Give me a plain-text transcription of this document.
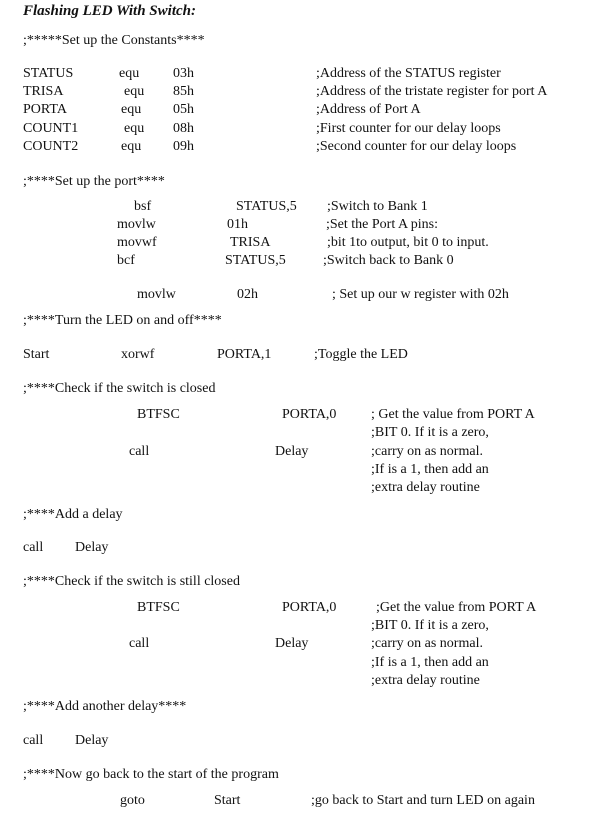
Flashing LED With Switch:
;*****Set up the Constants****
STATUS	equ 03h	;Address of the STATUS register
TRISA	equ 85h	;Address of the tristate register for port A
PORTA	equ 05h	;Address of Port A
COUNT1	equ 08h	;First counter for our delay loops
COUNT2	equ 09h	;Second counter for our delay loops
;****Set up the port****
bsf	STATUS,5 ;Switch to Bank 1
movlw	01h	;Set the Port A pins:
movwf	TRISA	;bit 1to output, bit 0 to input.
bcf	STATUS,5	;Switch back to Bank 0
movlw	02h	; Set up our w register with 02h
;****Turn the LED on and off****
Start	xorwf	PORTA,1	;Toggle the LED
;****Check if the switch is closed
BTFSC	PORTA,0 ; Get the value from PORT A
;BIT 0. If it is a zero,
call	Delay	;carry on as normal.
;If is a 1, then add an
;extra delay routine
;****Add a delay
call Delay
;****Check if the switch is still closed
BTFSC	PORTA,0	;Get the value from PORT A
;BIT 0. If it is a zero,
call	Delay	;carry on as normal.
;If is a 1, then add an
;extra delay routine
;****Add another delay****
call Delay
;****Now go back to the start of the program
goto	Start	;go back to Start and turn LED on again
